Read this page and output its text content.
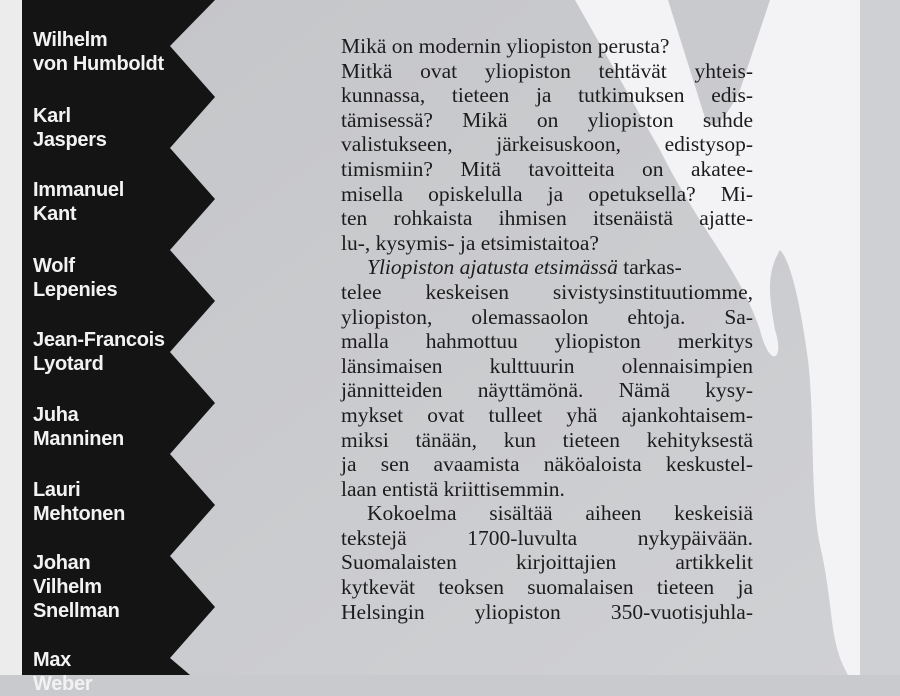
Wilhelm
von Humboldt

Karl
Jaspers

Immanuel
Kant

Wolf
Lepenies

Jean-Francois
Lyotard

Juha
Manninen

Lauri
Mehtonen

Johan
Vilhelm
Snellman

Max
Weber

Mikä on modernin yliopiston perusta?
Mitkä ovat yliopiston tehtävät yhteis-
kunnassa, tieteen ja tutkimuksen edis-
tämisessä? Mikä on yliopiston suhde
valistukseen, järkeisuskoon, edistysop-
timismiin? Mitä tavoitteita on akatee-
misella opiskelulla ja opetuksella? Mi-
ten rohkaista ihmisen itsenäistä ajatte-
lu-, kysymis- ja etsimistaitoa?
Yliopiston ajatusta etsimässä tarkas-
telee keskeisen sivistysinstituutiomme,
yliopiston, olemassaolon ehtoja. Sa-
malla hahmottuu yliopiston merkitys
länsimaisen kulttuurin olennaisimpien
jännitteiden näyttämönä. Nämä kysy-
mykset ovat tulleet yhä ajankohtaisem-
miksi tänään, kun tieteen kehityksestä
ja sen avaamista näköaloista keskustel-
laan entistä kriittisemmin.
Kokoelma sisältää aiheen keskeisiä
tekstejä 1700-luvulta nykypäivään.
Suomalaisten kirjoittajien artikkelit
kytkevät teoksen suomalaisen tieteen ja
Helsingin yliopiston 350-vuotisjuhla-
